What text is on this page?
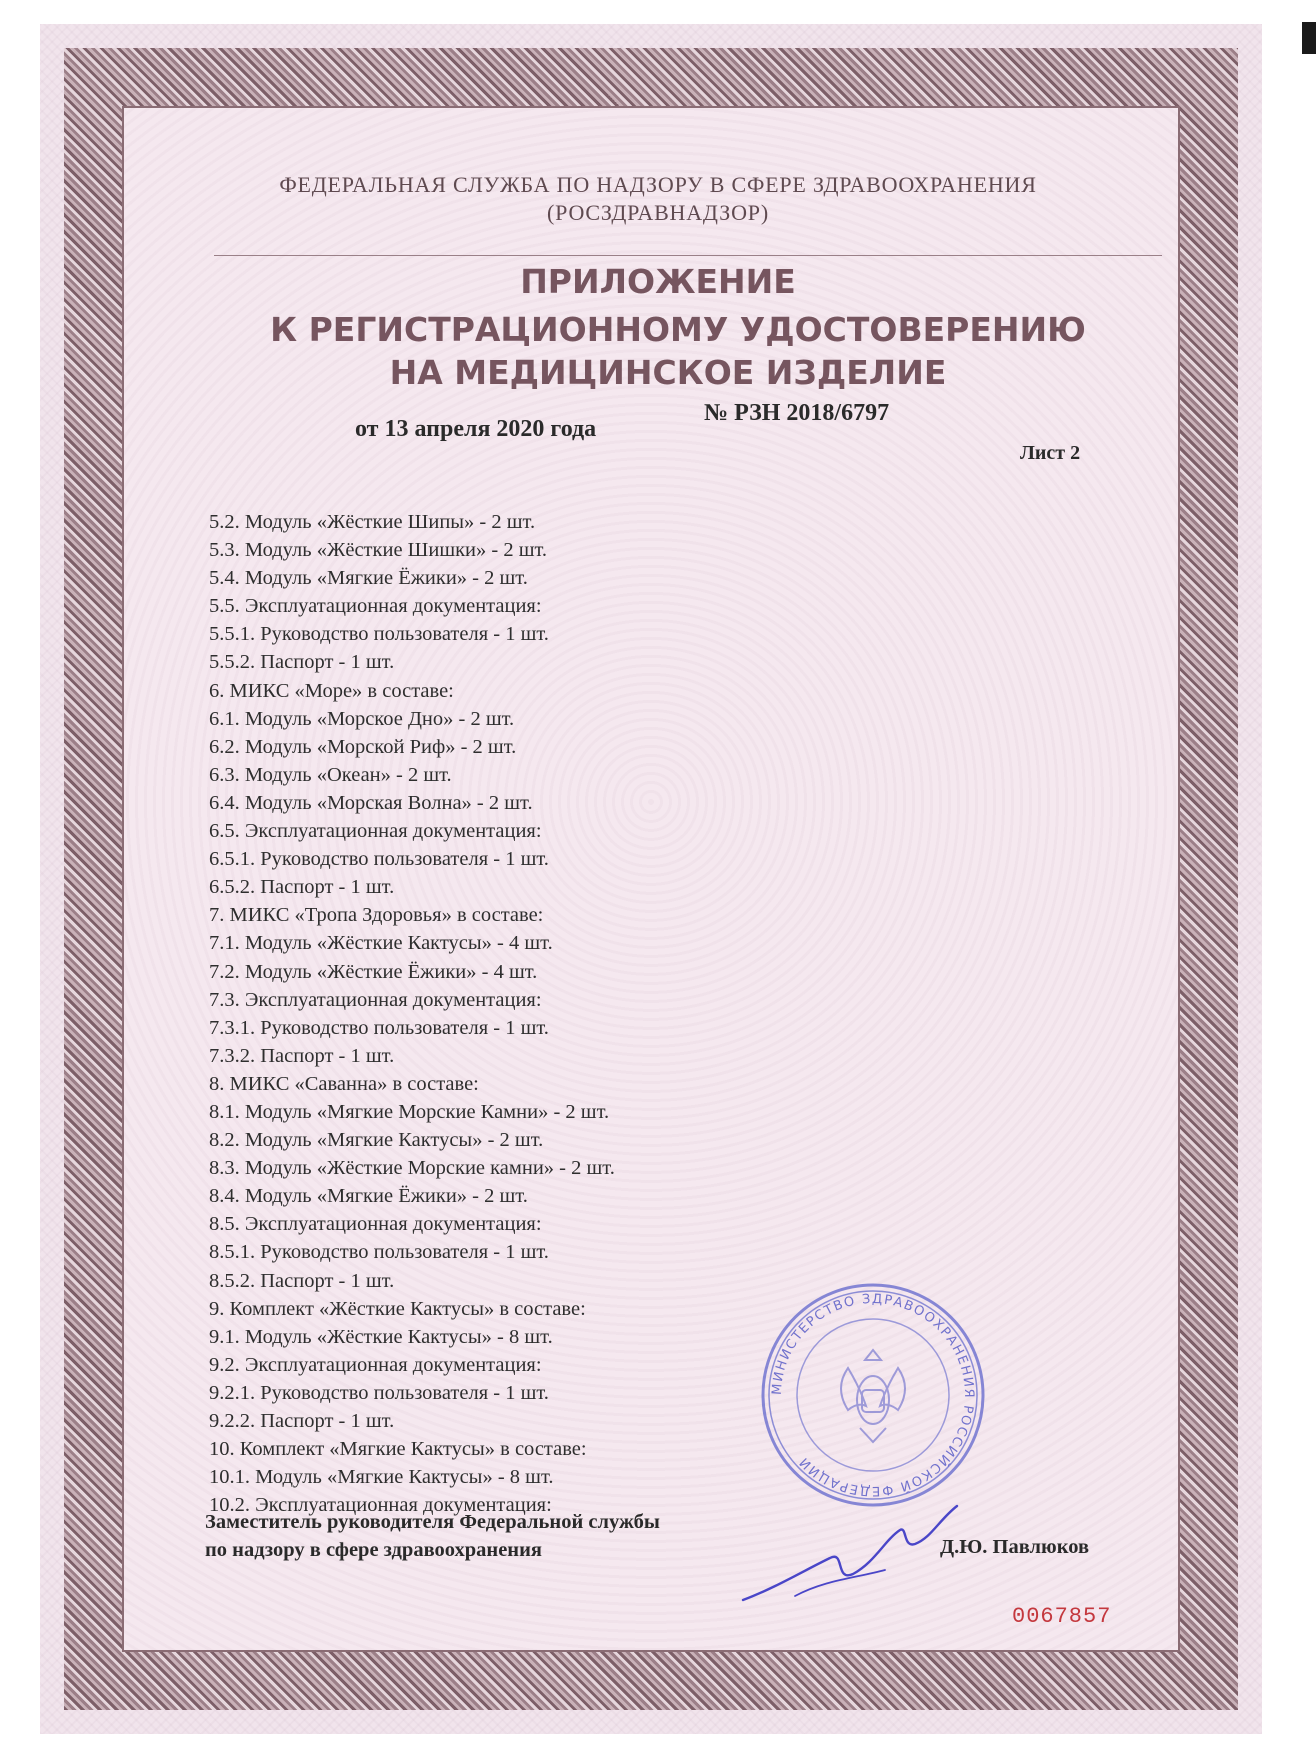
ФЕДЕРАЛЬНАЯ СЛУЖБА ПО НАДЗОРУ В СФЕРЕ ЗДРАВООХРАНЕНИЯ
(РОСЗДРАВНАДЗОР)
ПРИЛОЖЕНИЕ
К РЕГИСТРАЦИОННОМУ УДОСТОВЕРЕНИЮ
НА МЕДИЦИНСКОЕ ИЗДЕЛИЕ
№ РЗН 2018/6797
от 13 апреля 2020 года
Лист 2
5.2. Модуль «Жёсткие Шипы» - 2 шт.
5.3. Модуль «Жёсткие Шишки» - 2 шт.
5.4. Модуль «Мягкие Ёжики» - 2 шт.
5.5. Эксплуатационная документация:
5.5.1. Руководство пользователя - 1 шт.
5.5.2. Паспорт - 1 шт.
6. МИКС «Море» в составе:
6.1. Модуль «Морское Дно» - 2 шт.
6.2. Модуль «Морской Риф» - 2 шт.
6.3. Модуль «Океан» - 2 шт.
6.4. Модуль «Морская Волна» - 2 шт.
6.5. Эксплуатационная документация:
6.5.1. Руководство пользователя - 1 шт.
6.5.2. Паспорт - 1 шт.
7. МИКС «Тропа Здоровья» в составе:
7.1. Модуль «Жёсткие Кактусы» - 4 шт.
7.2. Модуль «Жёсткие Ёжики» - 4 шт.
7.3. Эксплуатационная документация:
7.3.1. Руководство пользователя - 1 шт.
7.3.2. Паспорт - 1 шт.
8. МИКС «Саванна» в составе:
8.1. Модуль «Мягкие Морские Камни» - 2 шт.
8.2. Модуль «Мягкие Кактусы» - 2 шт.
8.3. Модуль «Жёсткие Морские камни» - 2 шт.
8.4. Модуль «Мягкие Ёжики» - 2 шт.
8.5. Эксплуатационная документация:
8.5.1. Руководство пользователя - 1 шт.
8.5.2. Паспорт - 1 шт.
9. Комплект «Жёсткие Кактусы» в составе:
9.1. Модуль «Жёсткие Кактусы» - 8 шт.
9.2. Эксплуатационная документация:
9.2.1. Руководство пользователя - 1 шт.
9.2.2. Паспорт - 1 шт.
10. Комплект «Мягкие Кактусы» в составе:
10.1. Модуль «Мягкие Кактусы» - 8 шт.
10.2. Эксплуатационная документация:
МИНИСТЕРСТВО ЗДРАВООХРАНЕНИЯ РОССИЙСКОЙ ФЕДЕРАЦИИ
Заместитель руководителя Федеральной службы
по надзору в сфере здравоохранения	Д.Ю. Павлюков
0067857
